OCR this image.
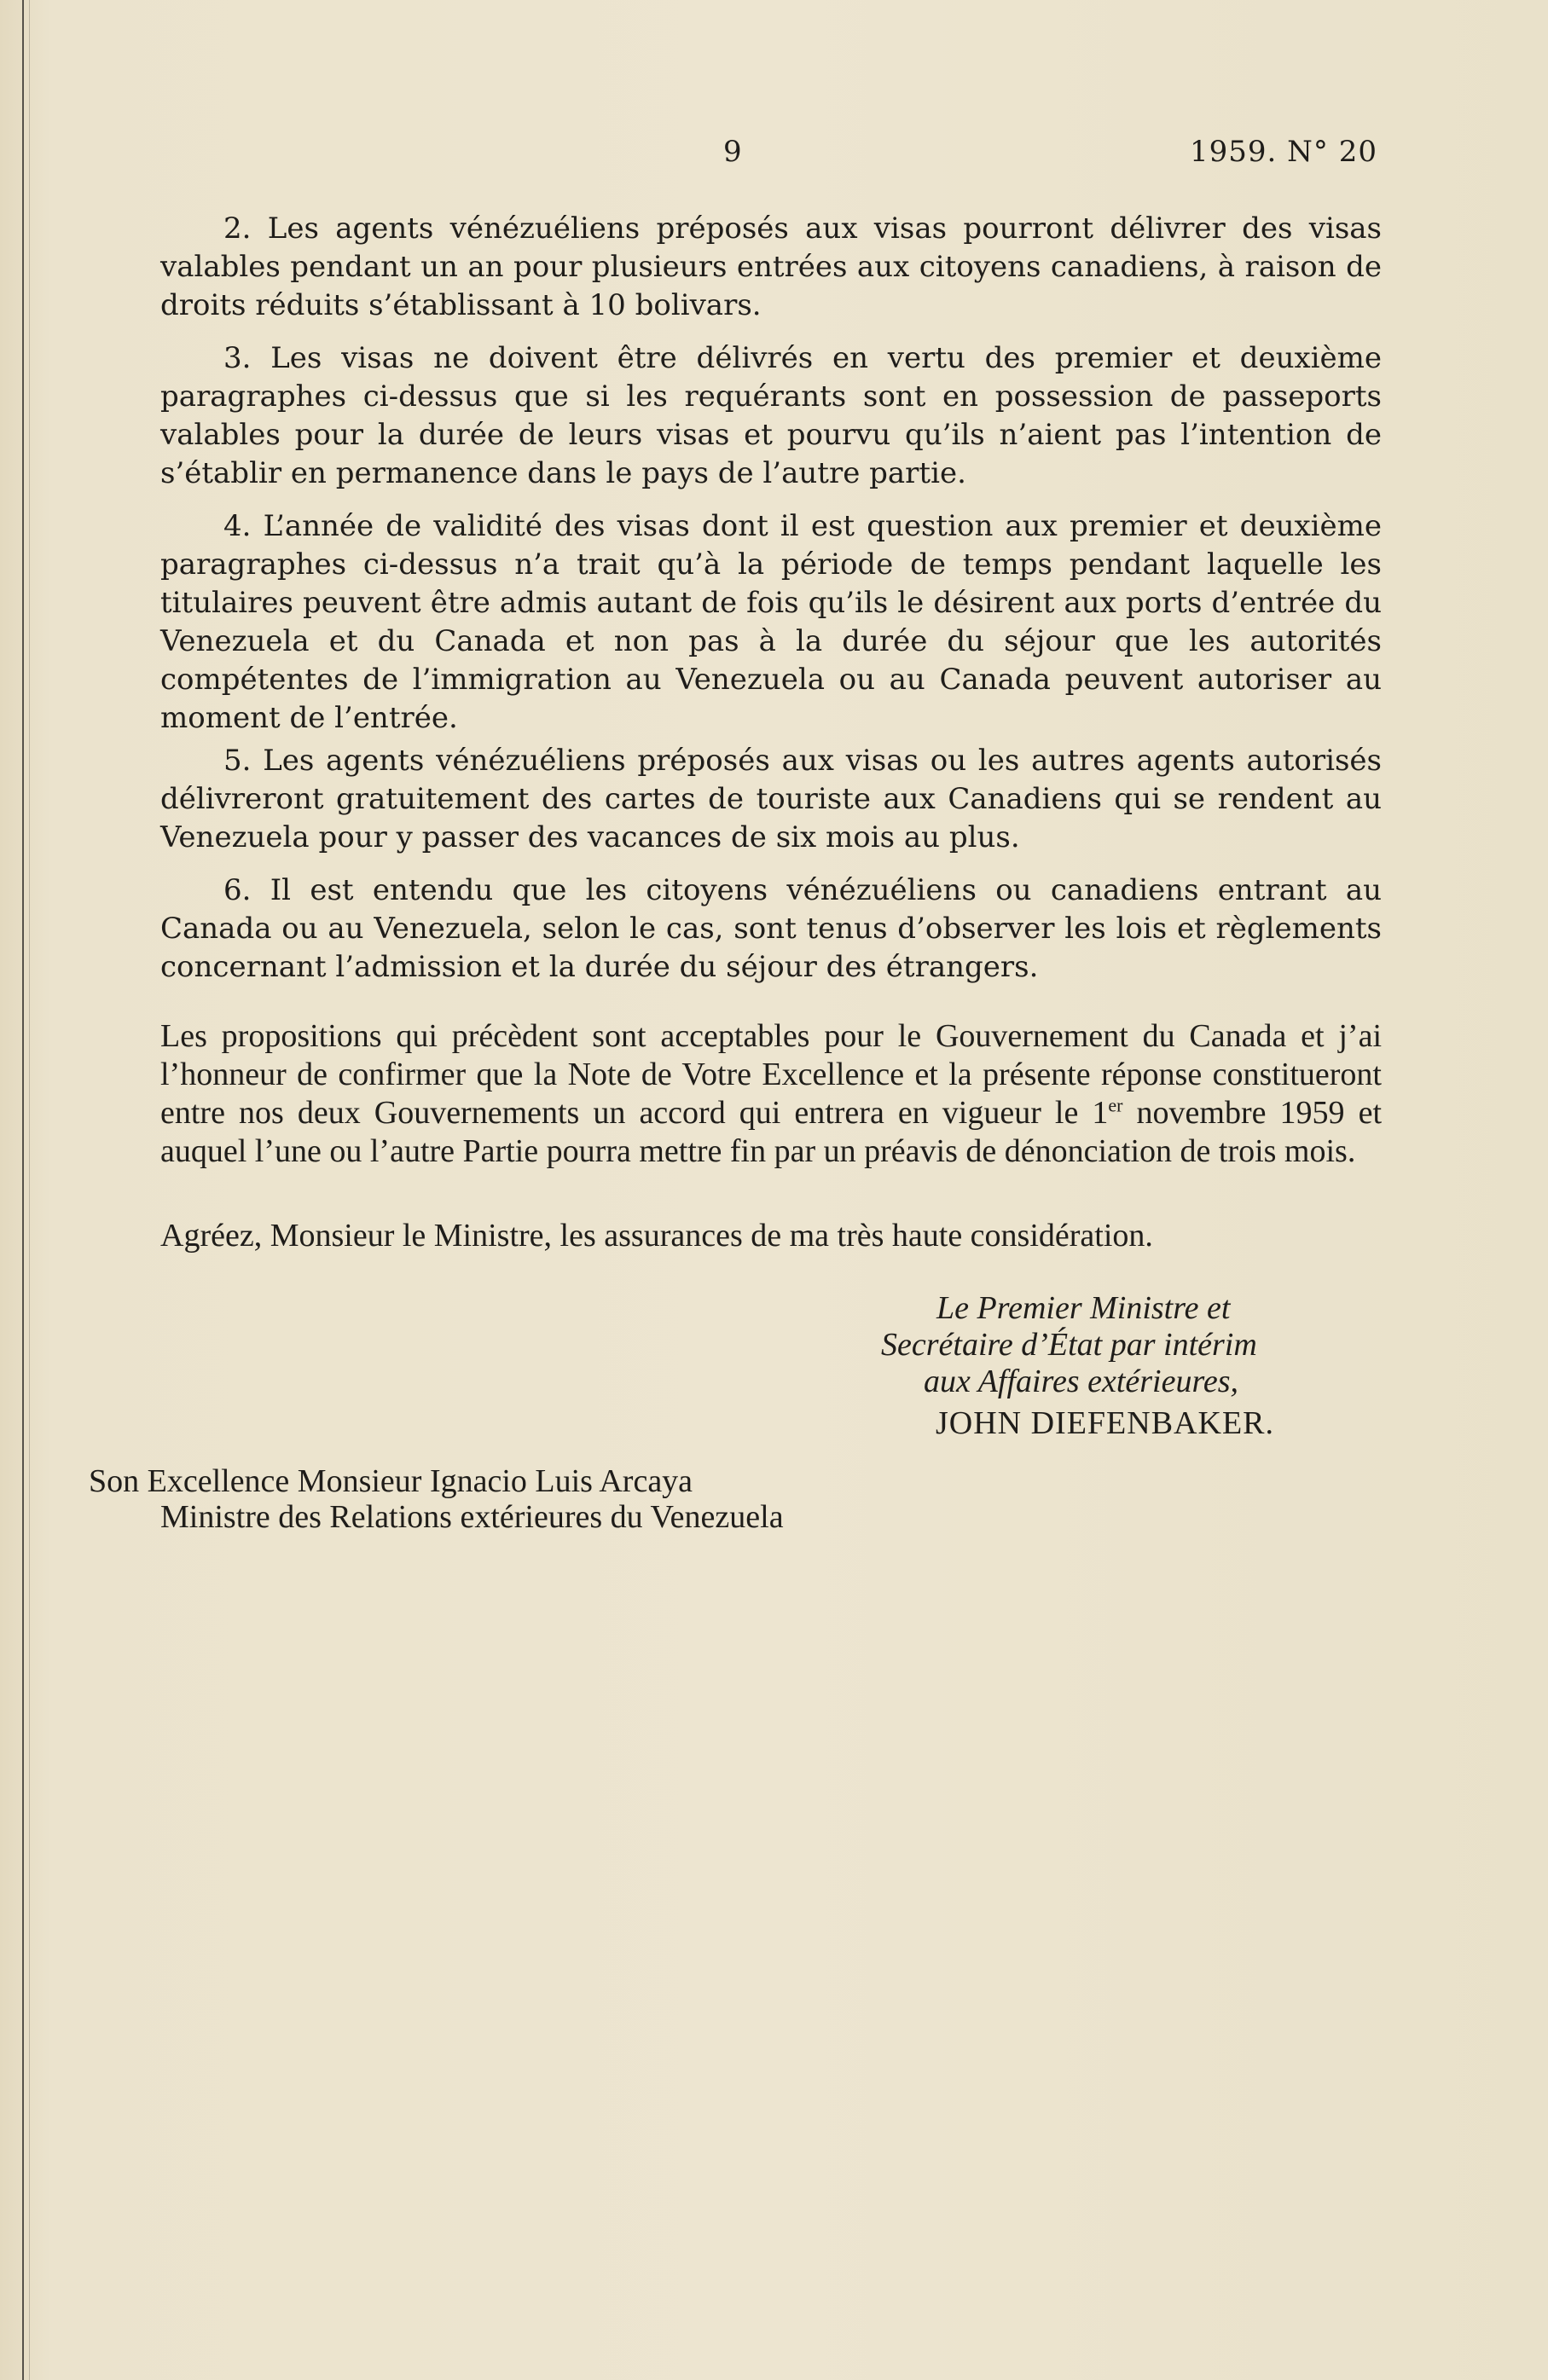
9	1959. N° 20

2. Les agents vénézuéliens préposés aux visas pourront délivrer des visas valables pendant un an pour plusieurs entrées aux citoyens canadiens, à raison de droits réduits s’établissant à 10 bolivars.

3. Les visas ne doivent être délivrés en vertu des premier et deuxième paragraphes ci-dessus que si les requérants sont en possession de passeports valables pour la durée de leurs visas et pourvu qu’ils n’aient pas l’intention de s’établir en permanence dans le pays de l’autre partie.

4. L’année de validité des visas dont il est question aux premier et deuxième paragraphes ci-dessus n’a trait qu’à la période de temps pendant laquelle les titulaires peuvent être admis autant de fois qu’ils le désirent aux ports d’entrée du Venezuela et du Canada et non pas à la durée du séjour que les autorités compétentes de l’immigration au Venezuela ou au Canada peuvent autoriser au moment de l’entrée.

5. Les agents vénézuéliens préposés aux visas ou les autres agents autorisés délivreront gratuitement des cartes de touriste aux Canadiens qui se rendent au Venezuela pour y passer des vacances de six mois au plus.

6. Il est entendu que les citoyens vénézuéliens ou canadiens entrant au Canada ou au Venezuela, selon le cas, sont tenus d’observer les lois et règlements concernant l’admission et la durée du séjour des étrangers.

Les propositions qui précèdent sont acceptables pour le Gouvernement du Canada et j’ai l’honneur de confirmer que la Note de Votre Excellence et la présente réponse constitueront entre nos deux Gouvernements un accord qui entrera en vigueur le 1er novembre 1959 et auquel l’une ou l’autre Partie pourra mettre fin par un préavis de dénonciation de trois mois.

Agréez, Monsieur le Ministre, les assurances de ma très haute considération.

Le Premier Ministre et
Secrétaire d’État par intérim
aux Affaires extérieures,
JOHN DIEFENBAKER.
Son Excellence Monsieur Ignacio Luis Arcaya
Ministre des Relations extérieures du Venezuela
